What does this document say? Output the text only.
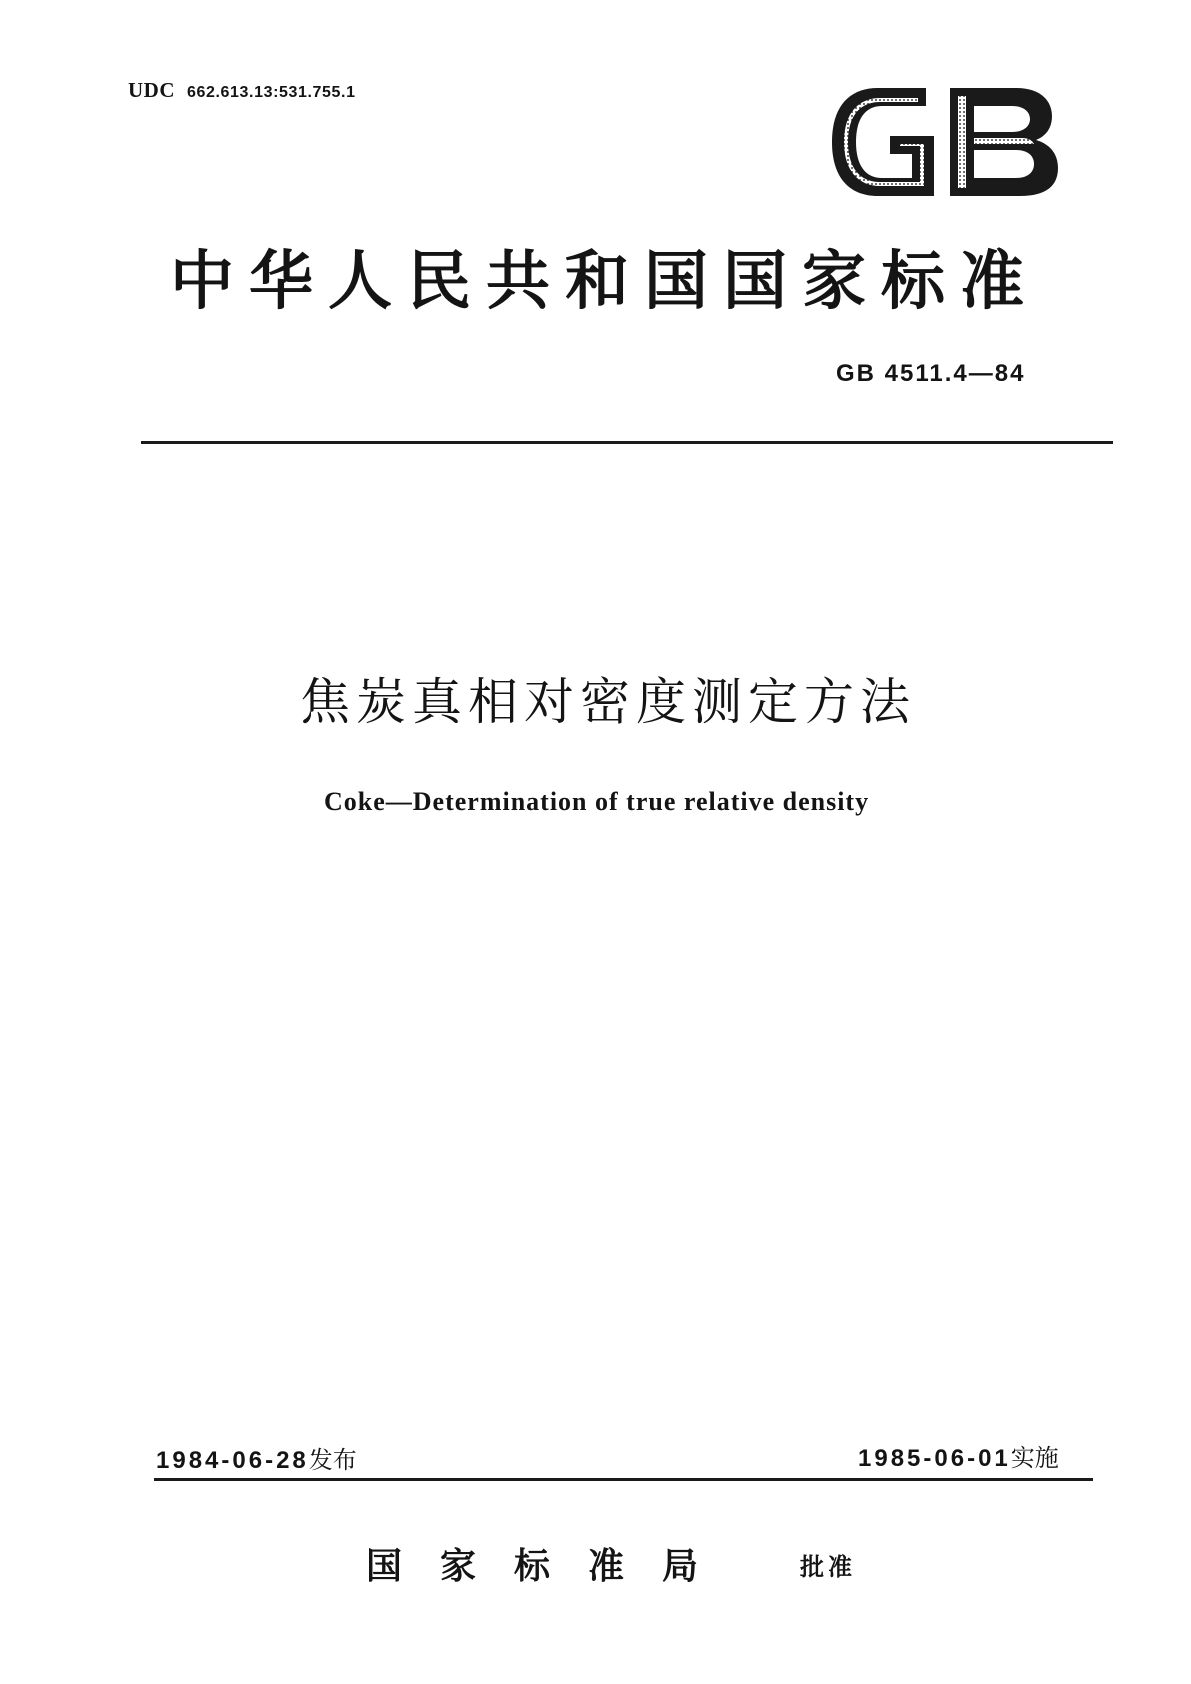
UDC 662.613.13:531.755.1
中华人民共和国国家标准
GB 4511.4—84
焦炭真相对密度测定方法
Coke—Determination of true relative density
1984-06-28发布	1985-06-01实施
国家标准局	批准
